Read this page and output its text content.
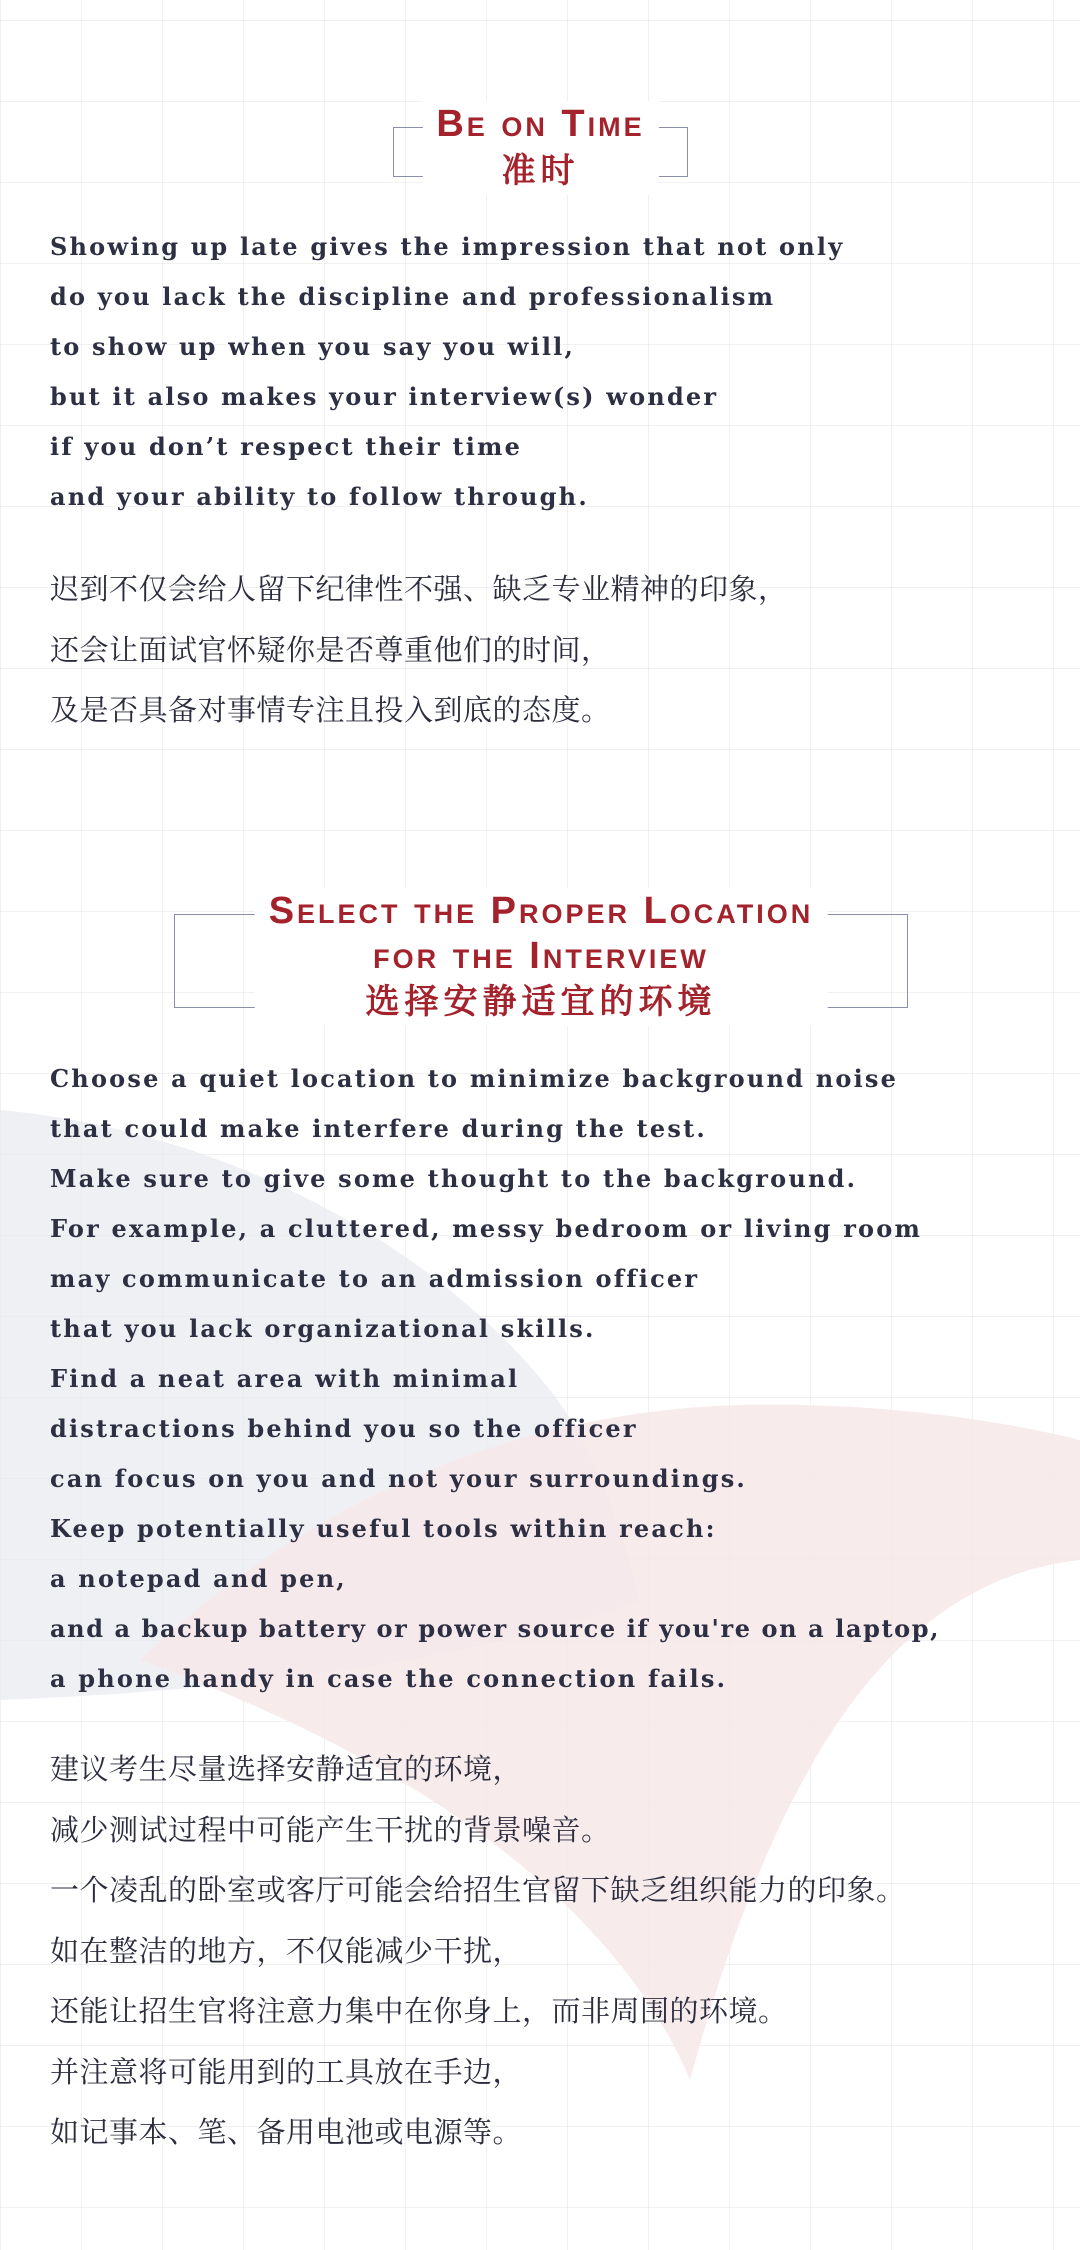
Be on Time
准时
Showing up late gives the impression that not only
do you lack the discipline and professionalism
to show up when you say you will,
but it also makes your interview(s) wonder
if you don’t respect their time
and your ability to follow through.
迟到不仅会给人留下纪律性不强、缺乏专业精神的印象，
还会让面试官怀疑你是否尊重他们的时间，
及是否具备对事情专注且投入到底的态度。
Select the Proper Location
for the Interview
选择安静适宜的环境
Choose a quiet location to minimize background noise
that could make interfere during the test.
Make sure to give some thought to the background.
For example, a cluttered, messy bedroom or living room
may communicate to an admission officer
that you lack organizational skills.
Find a neat area with minimal
distractions behind you so the officer
can focus on you and not your surroundings.
Keep potentially useful tools within reach:
a notepad and pen,
and a backup battery or power source if you're on a laptop,
a phone handy in case the connection fails.
建议考生尽量选择安静适宜的环境，
减少测试过程中可能产生干扰的背景噪音。
一个凌乱的卧室或客厅可能会给招生官留下缺乏组织能力的印象。
如在整洁的地方，不仅能减少干扰，
还能让招生官将注意力集中在你身上，而非周围的环境。
并注意将可能用到的工具放在手边，
如记事本、笔、备用电池或电源等。
